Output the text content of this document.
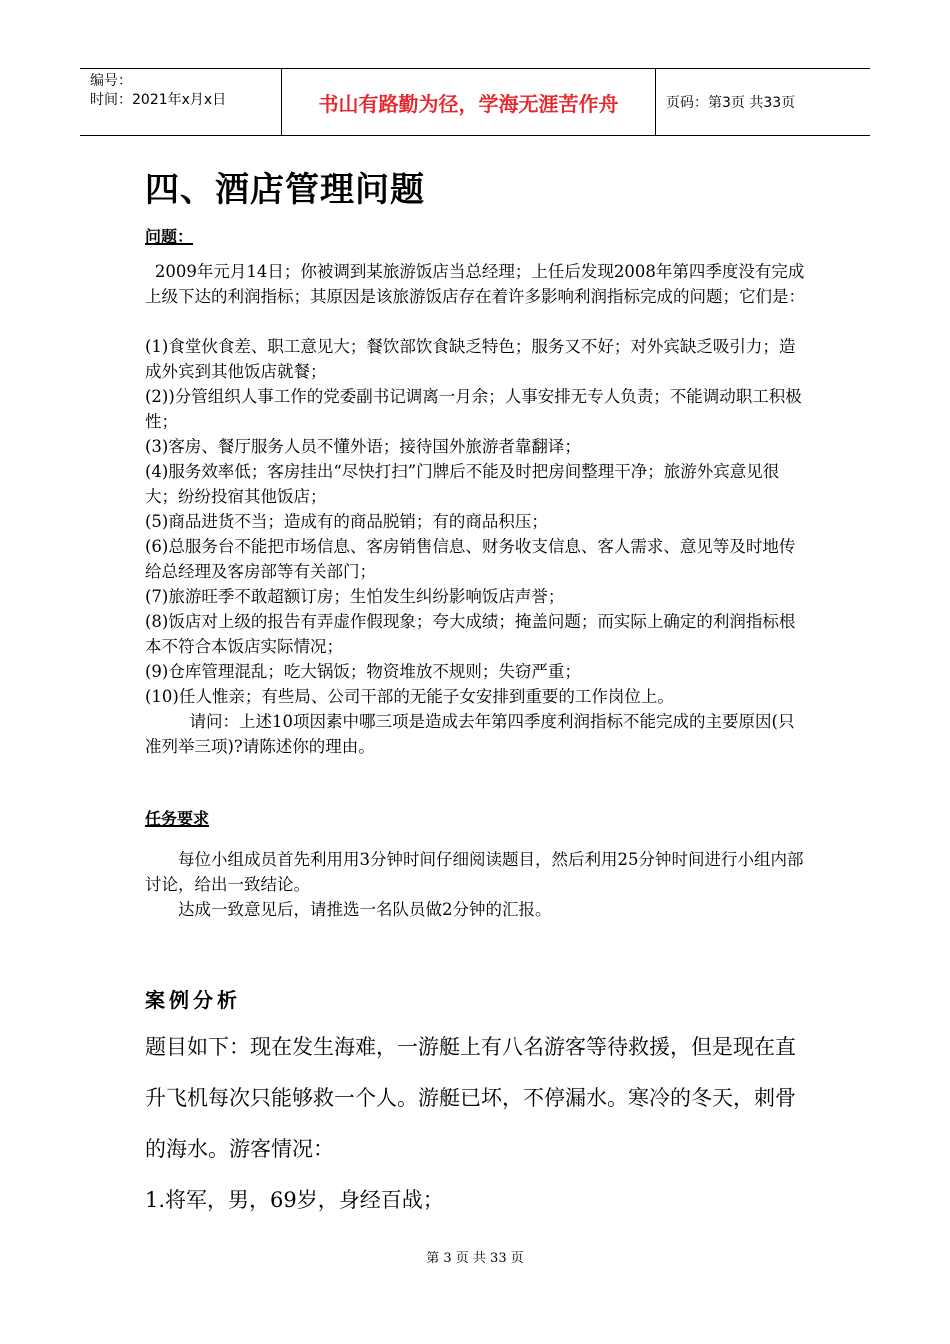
编号：
时间：2021年x月x日	书山有路勤为径，学海无涯苦作舟	页码：第3页 共33页
四、酒店管理问题
问题：

2009年元月14日；你被调到某旅游饭店当总经理；上任后发现2008年第四季度没有完成上级下达的利润指标；其原因是该旅游饭店存在着许多影响利润指标完成的问题；它们是：

(1)食堂伙食差、职工意见大；餐饮部饮食缺乏特色；服务又不好；对外宾缺乏吸引力；造成外宾到其他饭店就餐；

(2))分管组织人事工作的党委副书记调离一月余；人事安排无专人负责；不能调动职工积极性；

(3)客房、餐厅服务人员不懂外语；接待国外旅游者靠翻译；

(4)服务效率低；客房挂出“尽快打扫”门牌后不能及时把房间整理干净；旅游外宾意见很大；纷纷投宿其他饭店；

(5)商品进货不当；造成有的商品脱销；有的商品积压；

(6)总服务台不能把市场信息、客房销售信息、财务收支信息、客人需求、意见等及时地传给总经理及客房部等有关部门；

(7)旅游旺季不敢超额订房；生怕发生纠纷影响饭店声誉；

(8)饭店对上级的报告有弄虚作假现象；夸大成绩；掩盖问题；而实际上确定的利润指标根本不符合本饭店实际情况；

(9)仓库管理混乱；吃大锅饭；物资堆放不规则；失窃严重；

(10)任人惟亲；有些局、公司干部的无能子女安排到重要的工作岗位上。

请问：上述10项因素中哪三项是造成去年第四季度利润指标不能完成的主要原因(只准列举三项)?请陈述你的理由。

任务要求

每位小组成员首先利用用3分钟时间仔细阅读题目，然后利用25分钟时间进行小组内部讨论，给出一致结论。

达成一致意见后，请推选一名队员做2分钟的汇报。

案例分析

题目如下：现在发生海难，一游艇上有八名游客等待救援，但是现在直升飞机每次只能够救一个人。游艇已坏，不停漏水。寒冷的冬天，刺骨的海水。游客情况：

1.将军，男，69岁，身经百战；

第 3 页 共 33 页
